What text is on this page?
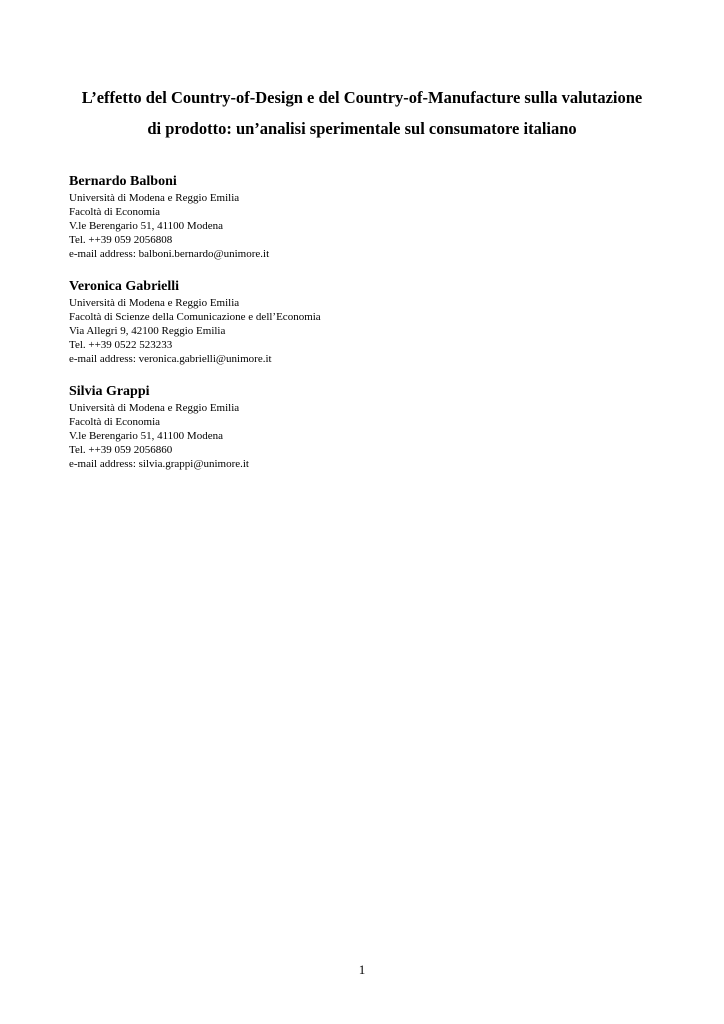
L’effetto del Country-of-Design e del Country-of-Manufacture sulla valutazione
di prodotto: un’analisi sperimentale sul consumatore italiano
Bernardo Balboni
Università di Modena e Reggio Emilia
Facoltà di Economia
V.le Berengario 51, 41100 Modena
Tel. ++39 059 2056808
e-mail address: balboni.bernardo@unimore.it
Veronica Gabrielli
Università di Modena e Reggio Emilia
Facoltà di Scienze della Comunicazione e dell’Economia
Via Allegri 9, 42100 Reggio Emilia
Tel. ++39 0522 523233
e-mail address: veronica.gabrielli@unimore.it
Silvia Grappi
Università di Modena e Reggio Emilia
Facoltà di Economia
V.le Berengario 51, 41100 Modena
Tel. ++39 059 2056860
e-mail address: silvia.grappi@unimore.it
1
